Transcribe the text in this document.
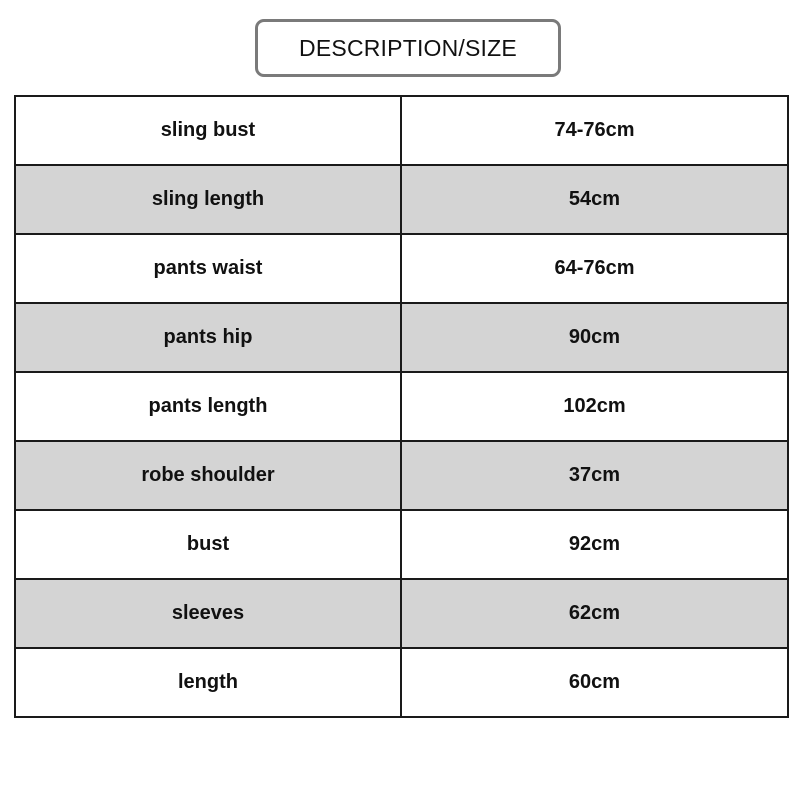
DESCRIPTION/SIZE
sling bust	74-76cm
sling length	54cm
pants waist	64-76cm
pants hip	90cm
pants length	102cm
robe shoulder	37cm
bust	92cm
sleeves	62cm
length	60cm
